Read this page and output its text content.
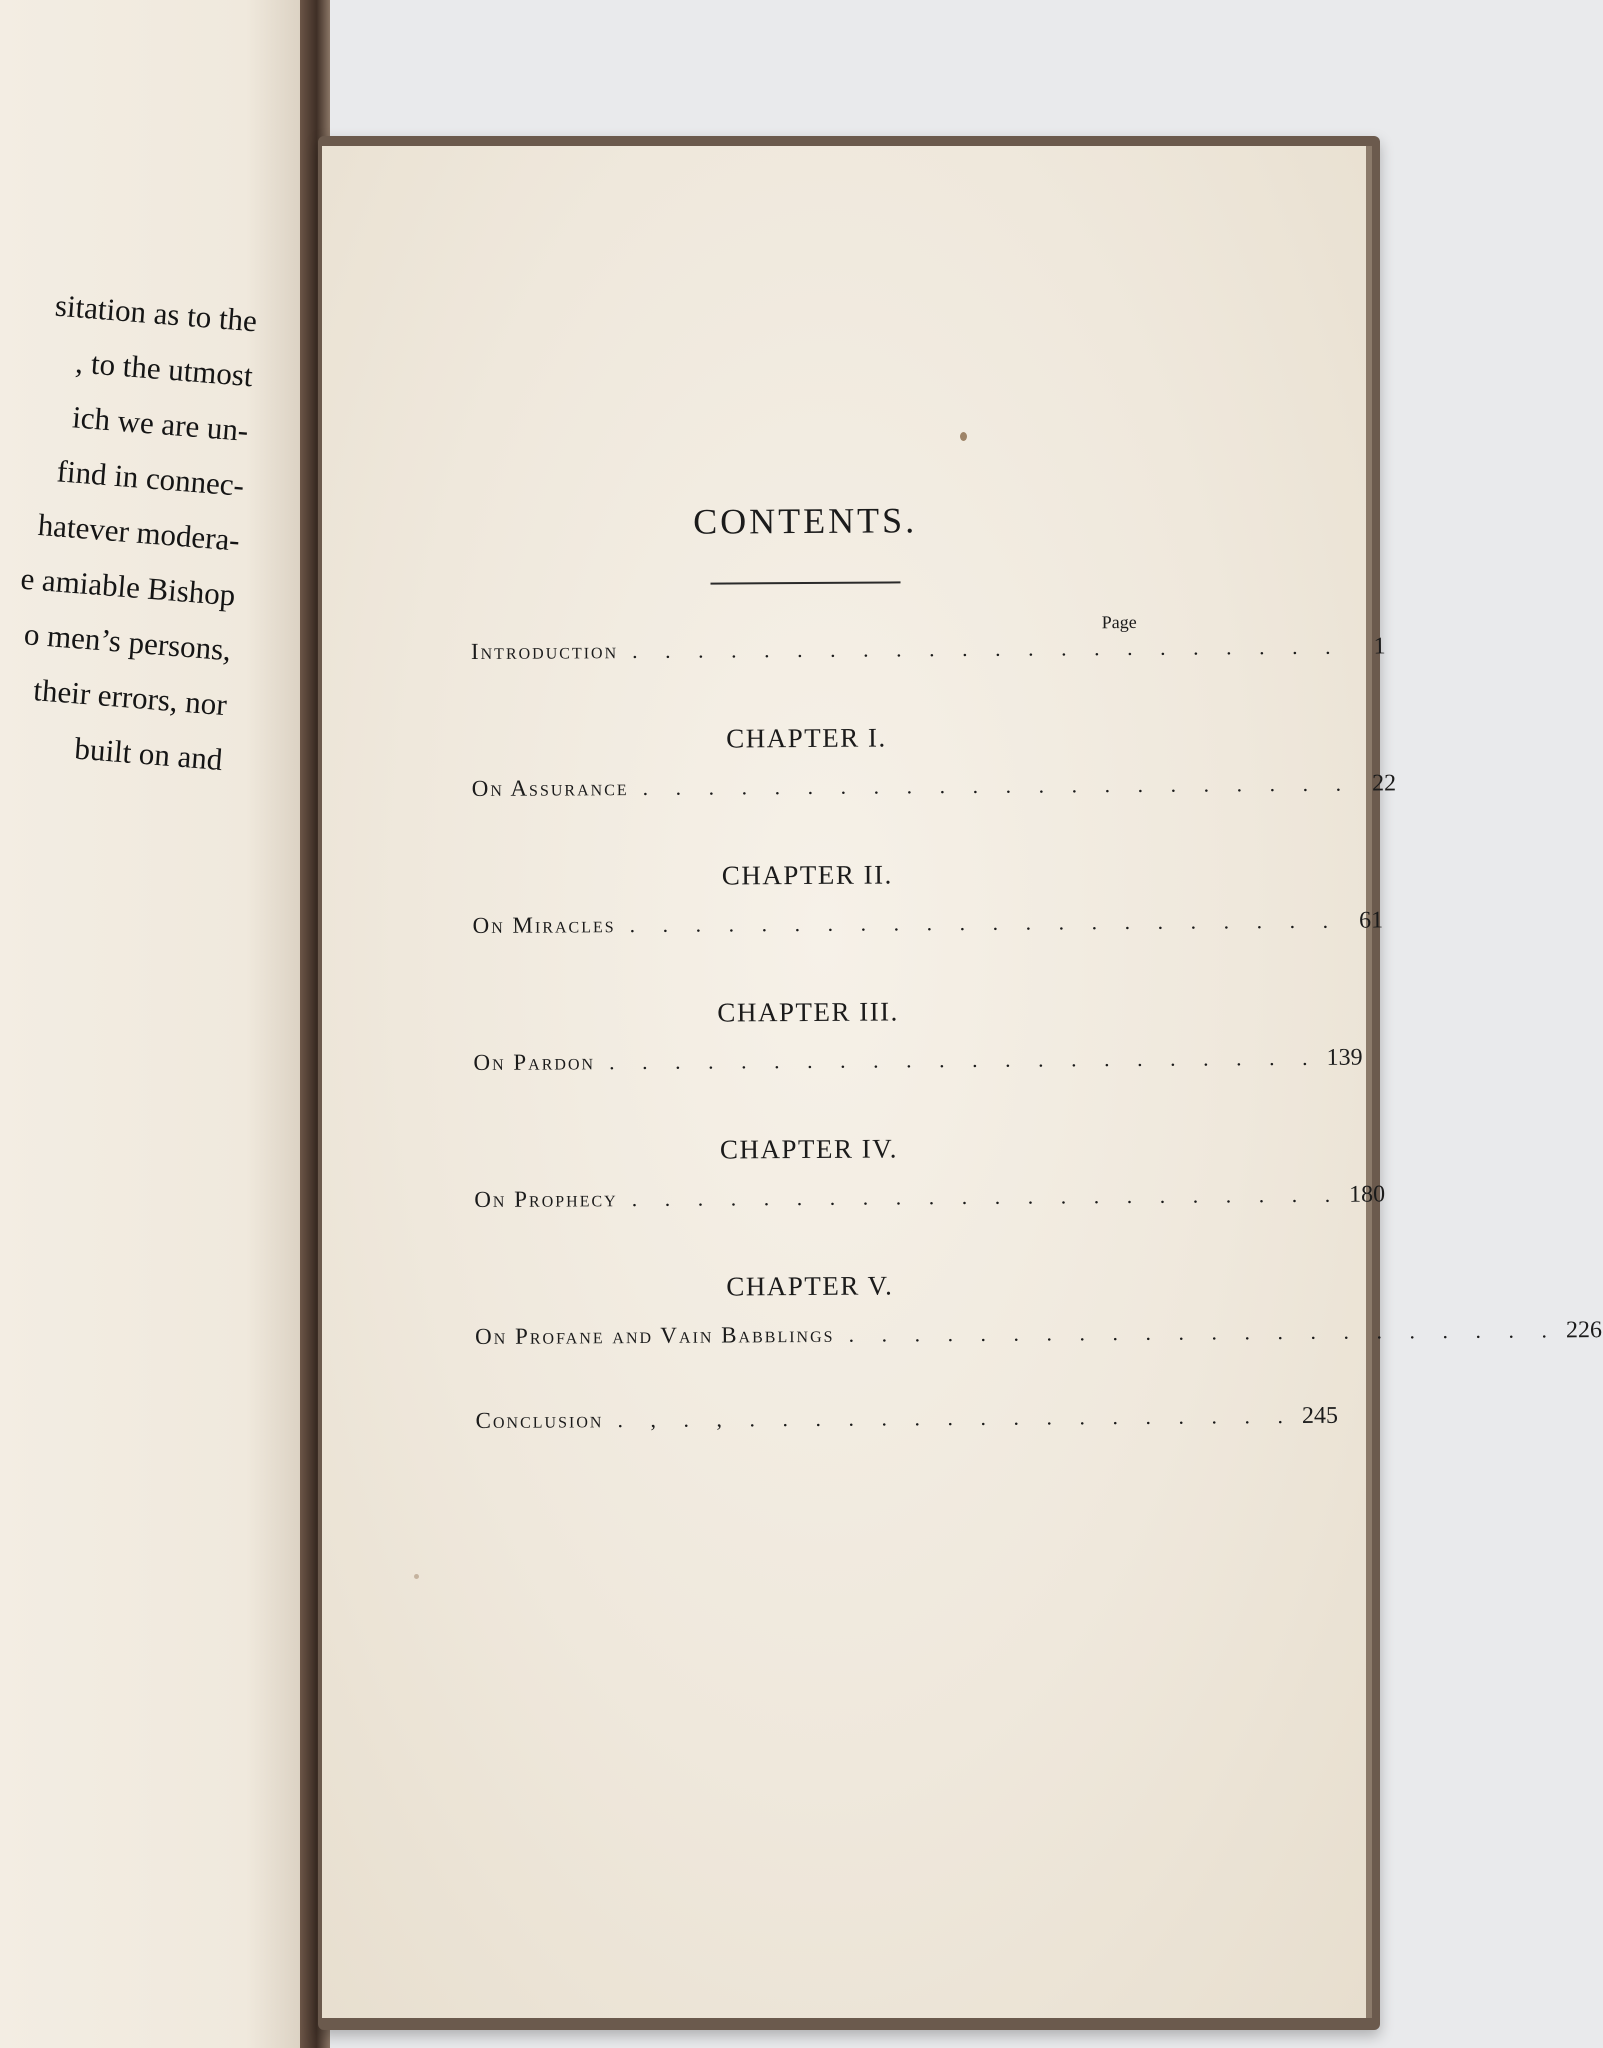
sitation as to the
, to the utmost
ich we are un-
find in connec-
hatever modera-
e amiable Bishop
o men’s persons,
their errors, nor
built on and
CONTENTS.
Page
Introduction . . . . . . . . . . . . . . . . . . . . . .	1
CHAPTER I.
On Assurance . . . . . . . . . . . . . . . . . . . . . . 22
CHAPTER II.
On Miracles . . . . . . . . . . . . . . . . . . . . . . 61
CHAPTER III.
On Pardon . . . . . . . . . . . . . . . . . . . . . . 139
CHAPTER IV.
On Prophecy . . . . . . . . . . . . . . . . . . . . . . 180
CHAPTER V.
On Profane and Vain Babblings . . . . . . . . . . . . . . . . . . . . . . 226
Conclusion . , . , . . . . . . . . . . . . . . . . . 245
